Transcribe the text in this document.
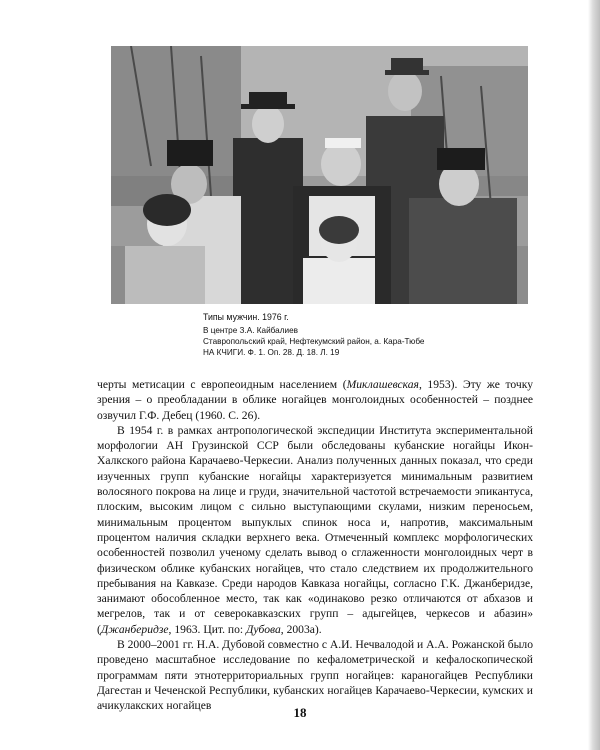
Типы мужчин. 1976 г.
В центре З.А. Кайбалиев
Ставропольский край, Нефтекумский район, а. Кара-Тюбе
НА КЧИГИ. Ф. 1. Оп. 28. Д. 18. Л. 19

черты метисации с европеоидным населением (Миклашевская, 1953). Эту же точку зрения – о преобладании в облике ногайцев монголоидных особенностей – позднее озвучил Г.Ф. Дебец (1960. С. 26).

В 1954 г. в рамках антропологической экспедиции Института экспериментальной морфологии АН Грузинской ССР были обследованы кубанские ногайцы Икон-Халкского района Карачаево-Черкесии. Анализ полученных данных показал, что среди изученных групп кубанские ногайцы характеризуется минимальным развитием волосяного покрова на лице и груди, значительной частотой встречаемости эпикантуса, плоским, высоким лицом с сильно выступающими скулами, низким переносьем, минимальным процентом выпуклых спинок носа и, напротив, максимальным процентом наличия складки верхнего века. Отмеченный комплекс морфологических особенностей позволил ученому сделать вывод о сглаженности монголоидных черт в физическом облике кубанских ногайцев, что стало следствием их продолжительного пребывания на Кавказе. Среди народов Кавказа ногайцы, согласно Г.К. Джанберидзе, занимают обособленное место, так как «одинаково резко отличаются от абхазов и мегрелов, так и от северокавказских групп – адыгейцев, черкесов и абазин» (Джанберидзе, 1963. Цит. по: Дубова, 2003а).

В 2000–2001 гг. Н.А. Дубовой совместно с А.И. Нечвалодой и А.А. Рожанской было проведено масштабное исследование по кефалометрической и кефалоскопической программам пяти этнотерриториальных групп ногайцев: караногайцев Республики Дагестан и Чеченской Республики, кубанских ногайцев Карачаево-Черкесии, кумских и ачикулакских ногайцев	18
